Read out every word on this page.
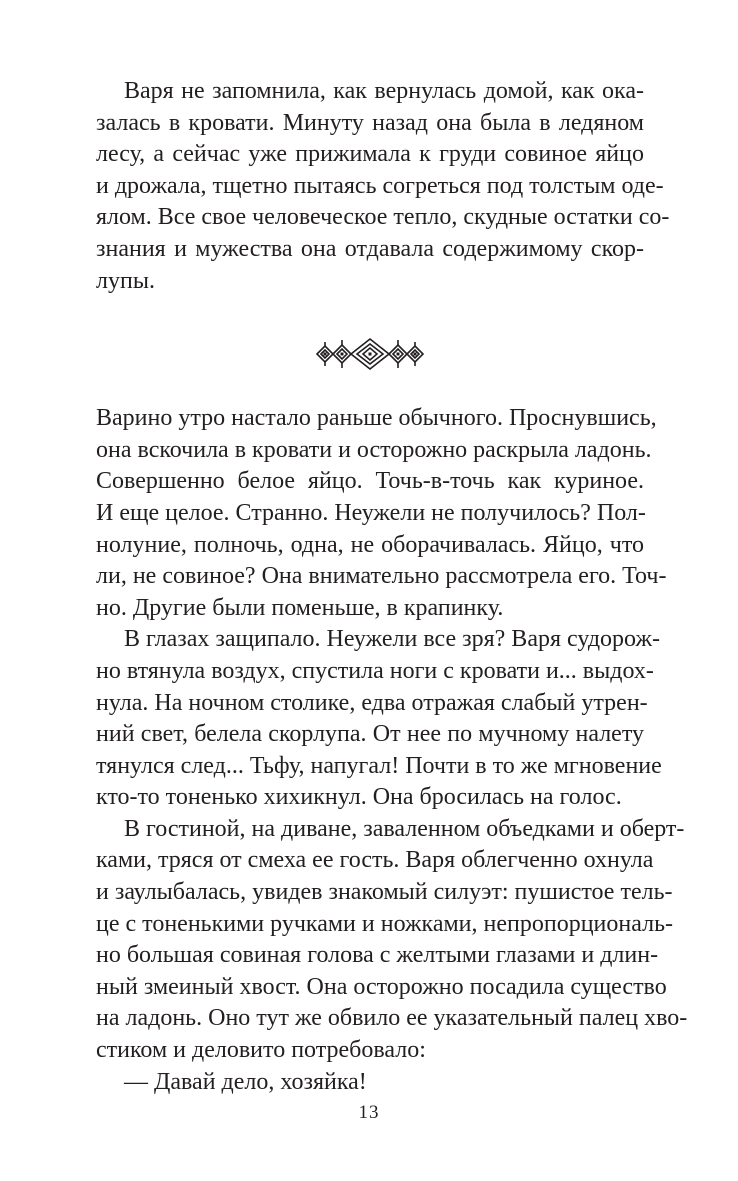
Варя не запомнила, как вернулась домой, как ока-
залась в кровати. Минуту назад она была в ледяном
лесу, а сейчас уже прижимала к груди совиное яйцо
и дрожала, тщетно пытаясь согреться под толстым оде-
ялом. Все свое человеческое тепло, скудные остатки со-
знания и мужества она отдавала содержимому скор-
лупы.
Варино утро настало раньше обычного. Проснувшись,
она вскочила в кровати и осторожно раскрыла ладонь.
Совершенно белое яйцо. Точь-в-точь как куриное.
И еще целое. Странно. Неужели не получилось? Пол-
нолуние, полночь, одна, не оборачивалась. Яйцо, что
ли, не совиное? Она внимательно рассмотрела его. Точ-
но. Другие были поменьше, в крапинку.
В глазах защипало. Неужели все зря? Варя судорож-
но втянула воздух, спустила ноги с кровати и... выдох-
нула. На ночном столике, едва отражая слабый утрен-
ний свет, белела скорлупа. От нее по мучному налету
тянулся след... Тьфу, напугал! Почти в то же мгновение
кто-то тоненько хихикнул. Она бросилась на голос.
В гостиной, на диване, заваленном объедками и оберт-
ками, тряся от смеха ее гость. Варя облегченно охнула
и заулыбалась, увидев знакомый силуэт: пушистое тель-
це с тоненькими ручками и ножками, непропорциональ-
но большая совиная голова с желтыми глазами и длин-
ный змеиный хвост. Она осторожно посадила существо
на ладонь. Оно тут же обвило ее указательный палец хво-
стиком и деловито потребовало:
— Давай дело, хозяйка!
13
